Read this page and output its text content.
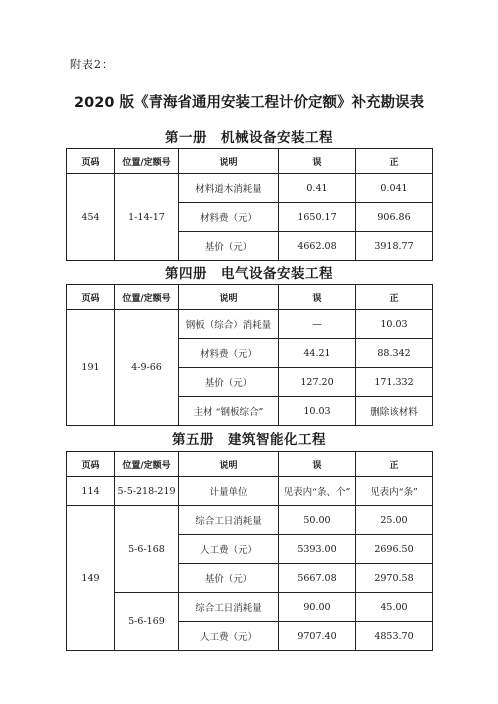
附表2：
2020 版《青海省通用安装工程计价定额》补充勘误表
第一册 机械设备安装工程
页码	位置/定额号	说明	误	正
454	1-14-17	材料道木消耗量	0.41	0.041
		材料费（元）	1650.17	906.86
		基价（元）	4662.08	3918.77
第四册 电气设备安装工程
页码	位置/定额号	说明	误	正
191	4-9-66	钢板（综合）消耗量	—	10.03
		材料费（元）	44.21	88.342
		基价（元）	127.20	171.332
		主材 “钢板综合”	10.03	删除该材料
第五册 建筑智能化工程
页码	位置/定额号	说明	误	正
114	5-5-218-219	计量单位	见表内“条、个”	见表内“条”
149	5-6-168	综合工日消耗量	50.00	25.00
		人工费（元）	5393.00	2696.50
		基价（元）	5667.08	2970.58
	5-6-169	综合工日消耗量	90.00	45.00
		人工费（元）	9707.40	4853.70
